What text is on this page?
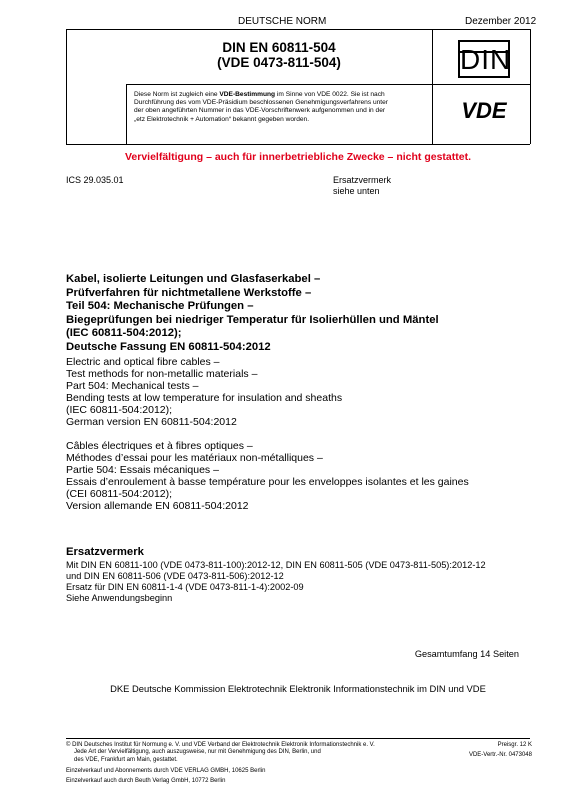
DEUTSCHE NORM	Dezember 2012
DIN EN 60811-504
(VDE 0473-811-504)	DIN
VDE
Diese Norm ist zugleich eine VDE-Bestimmung im Sinne von VDE 0022. Sie ist nach
Durchführung des vom VDE-Präsidium beschlossenen Genehmigungsverfahrens unter
der oben angeführten Nummer in das VDE-Vorschriftenwerk aufgenommen und in der
„etz Elektrotechnik + Automation“ bekannt gegeben worden.
Vervielfältigung – auch für innerbetriebliche Zwecke – nicht gestattet.
ICS 29.035.01	Ersatzvermerk
siehe unten
Kabel, isolierte Leitungen und Glasfaserkabel –
Prüfverfahren für nichtmetallene Werkstoffe –
Teil 504: Mechanische Prüfungen –
Biegeprüfungen bei niedriger Temperatur für Isolierhüllen und Mäntel
(IEC 60811-504:2012);
Deutsche Fassung EN 60811-504:2012
Electric and optical fibre cables –
Test methods for non-metallic materials –
Part 504: Mechanical tests –
Bending tests at low temperature for insulation and sheaths
(IEC 60811-504:2012);
German version EN 60811-504:2012
Câbles électriques et à fibres optiques –
Méthodes d’essai pour les matériaux non-métalliques –
Partie 504: Essais mécaniques –
Essais d’enroulement à basse température pour les enveloppes isolantes et les gaines
(CEI 60811-504:2012);
Version allemande EN 60811-504:2012
Ersatzvermerk
Mit DIN EN 60811-100 (VDE 0473-811-100):2012-12, DIN EN 60811-505 (VDE 0473-811-505):2012-12
und DIN EN 60811-506 (VDE 0473-811-506):2012-12
Ersatz für DIN EN 60811-1-4 (VDE 0473-811-1-4):2002-09
Siehe Anwendungsbeginn
Gesamtumfang 14 Seiten
DKE Deutsche Kommission Elektrotechnik Elektronik Informationstechnik im DIN und VDE
© DIN Deutsches Institut für Normung e. V. und VDE Verband der Elektrotechnik Elektronik Informationstechnik e. V.
Jede Art der Vervielfältigung, auch auszugsweise, nur mit Genehmigung des DIN, Berlin, und
des VDE, Frankfurt am Main, gestattet.
Preisgr. 12 K
VDE-Vertr.-Nr. 0473048
Einzelverkauf und Abonnements durch VDE VERLAG GMBH, 10625 Berlin
Einzelverkauf auch durch Beuth Verlag GmbH, 10772 Berlin
